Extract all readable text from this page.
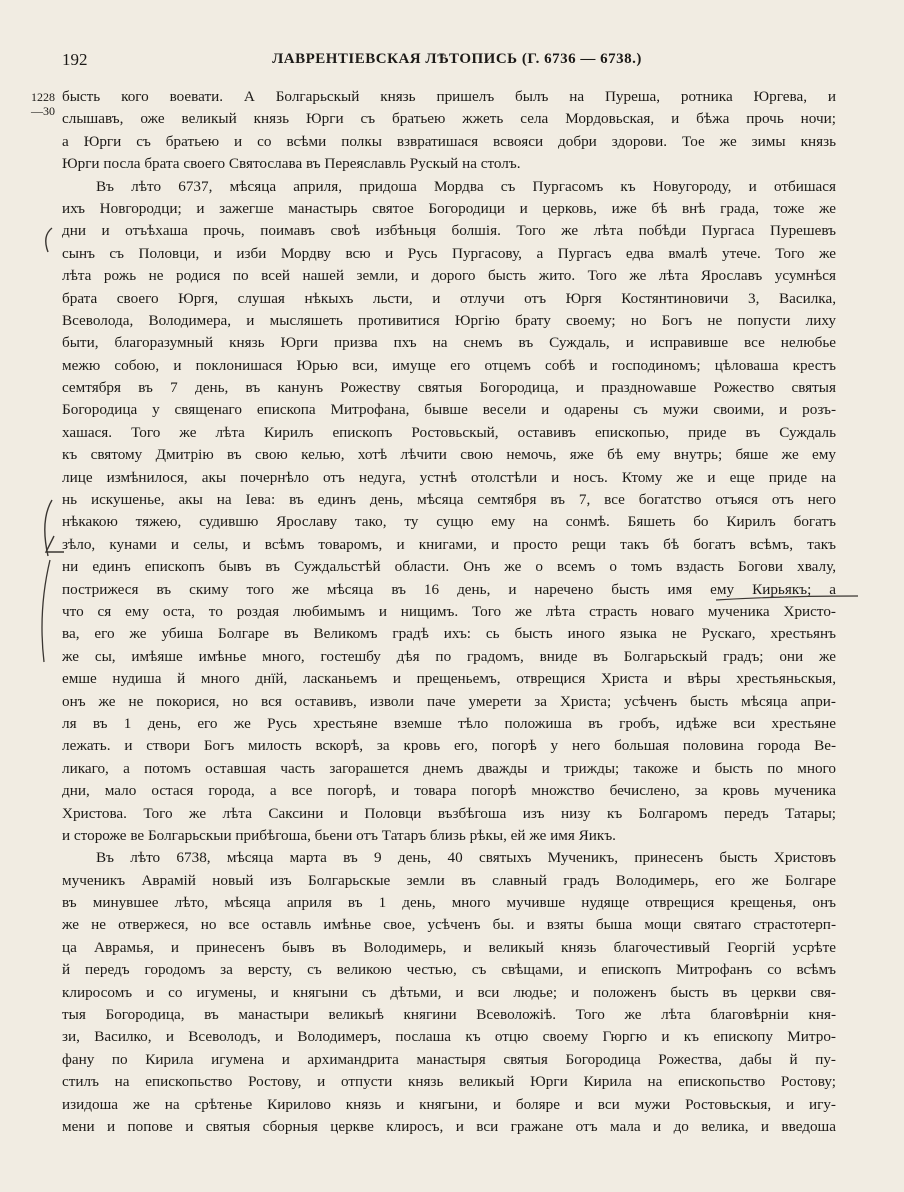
192	ЛАВРЕНТІЕВСКАЯ ЛѢТОПИСЬ (Г. 6736 — 6738.)
1228
—30
бысть кого воевати. А Болгарьскый князь пришелъ былъ на Пуреша, ротника Юргева, и
слышавъ, оже великый князь Юрги съ братьею жжеть села Мордовьская, и бѣжа прочь ночи;
а Юрги съ братьею и со всѣми полкы взвратишася всвояси добри здорови. Тое же зимы князь
Юрги посла брата своего Святослава въ Переяславль Рускый на столъ.
Въ лѣто 6737, мѣсяца априля, придоша Мордва съ Пургасомъ къ Новугороду, и отбишася
ихъ Новгородци; и зажегше манастырь святое Богородици и церковь, иже бѣ внѣ града, тоже же
дни и отъѣхаша прочь, поимавъ своѣ избѣньця болшія. Того же лѣта побѣди Пургаса Пурешевъ
сынъ съ Половци, и изби Мордву всю и Русь Пургасову, а Пургасъ едва вмалѣ утече. Того же
лѣта рожь не родися по всей нашей земли, и дорого бысть жито. Того же лѣта Ярославъ усумнѣся
брата своего Юргя, слушая нѣкыхъ льсти, и отлучи отъ Юргя Костянтиновичи 3, Василка,
Всеволода, Володимера, и мысляшеть противитися Юргію брату своему; но Богъ не попусти лиху
быти, благоразумный князь Юрги призва пхъ на снемъ въ Суждаль, и исправивше все нелюбье
межю собою, и поклонишася Юрью вси, имуще его отцемъ собѣ и господиномъ; цѣловаша крестъ
семтября въ 7 день, въ канунъ Рожеству святыя Богородица, и празднowавше Рожество святыя
Богородица у священаго епископа Митрофана, бывше весели и одарены съ мужи своими, и розъ-
хашася. Того же лѣта Кирилъ епископъ Ростовьскый, оставивъ епископью, приде въ Суждаль
къ святому Дмитрію въ свою келью, хотѣ лѣчити свою немочь, яже бѣ ему внутрь; бяше же ему
лице измѣнилося, акы почернѣло отъ недуга, устнѣ отолстѣли и носъ. Ктому же и еще приде на
нь искушенье, акы на Іева: въ единъ день, мѣсяца семтября въ 7, все богатство отъяся отъ него
нѣкакою тяжею, судившю Ярославу тако, ту сущю ему на сонмѣ. Бяшеть бо Кирилъ богатъ
зѣло, кунами и селы, и всѣмъ товаромъ, и книгами, и просто рещи такъ бѣ богатъ всѣмъ, такъ
ни единъ епископъ бывъ въ Суждальстѣй области. Онъ же о всемъ о томъ вздасть Богови хвалу,
пострижеся въ скиму того же мѣсяца въ 16 день, и наречено бысть имя ему Кирьякъ; а
что ся ему оста, то роздая любимымъ и нищимъ. Того же лѣта страсть новаго мученика Христо-
ва, его же убиша Болгаре въ Великомъ градѣ ихъ: сь бысть иного языка не Рускаго, хрестьянъ
же сы, имѣяше имѣнье много, гостешбу дѣя по градомъ, вниде въ Болгарьскый градъ; они же
емше нудиша й много днїй, ласканьемъ и прещеньемъ, отврещися Христа и вѣры хрестьяньскыя,
онъ же не покорися, но вся оставивъ, изволи паче умерети за Христа; усѣченъ бысть мѣсяца апри-
ля въ 1 день, его же Русь хрестьяне вземше тѣло положиша въ гробъ, идѣже вси хрестьяне
лежать. и створи Богъ милость вскорѣ, за кровь его, погорѣ у него большая половина города Ве-
ликаго, а потомъ оставшая часть загорашется днемъ дважды и трижды; такоже и бысть по много
дни, мало остася города, а все погорѣ, и товара погорѣ множство бечисленo, за кровь мученика
Христова. Того же лѣта Саксини и Половци възбѣгоша изъ низу къ Болгаромъ передъ Татары;
и стороже ве Болгарьскыи прибѣгоша, бьени отъ Татаръ близь рѣкы, ей же имя Яикъ.
Въ лѣто 6738, мѣсяца марта въ 9 день, 40 святыхъ Мученикъ, принесенъ бысть Христовъ
мученикъ Аврамій новый изъ Болгарьскые земли въ славный градъ Володимерь, его же Болгаре
въ минувшее лѣто, мѣсяца априля въ 1 день, много мучивше нудяще отврещися крещенья, онъ
же не отвержеся, но все оставль имѣнье свое, усѣченъ бы. и взяты быша мощи святаго страстотерп-
ца Аврамья, и принесенъ бывъ въ Володимерь, и великый князь благочестивый Георгій усрѣте
й передъ городомъ за версту, съ великою честью, съ свѣщами, и епископъ Митрофанъ со всѣмъ
клиросомъ и со игумены, и княгыни съ дѣтьми, и вси людье; и положенъ бысть въ церкви свя-
тыя Богородица, въ манастыри великыѣ княгини Всеволожіѣ. Того же лѣта благовѣрніи кня-
зи, Василко, и Всеволодъ, и Володимеръ, послаша къ отцю своему Гюргю и къ епископу Митро-
фану по Кирила игумена и архимандрита манастыря святыя Богородица Рожества, дабы й пу-
стилъ на епископьство Ростову, и отпусти князь великый Юрги Кирила на епископьство Ростову;
изидоша же на срѣтенье Кирилово князь и княгыни, и боляре и вси мужи Ростовьскыя, и игу-
мени и попове и святыя сборныя церкве клиросъ, и вси гражане отъ мала и до велика, и введоша
